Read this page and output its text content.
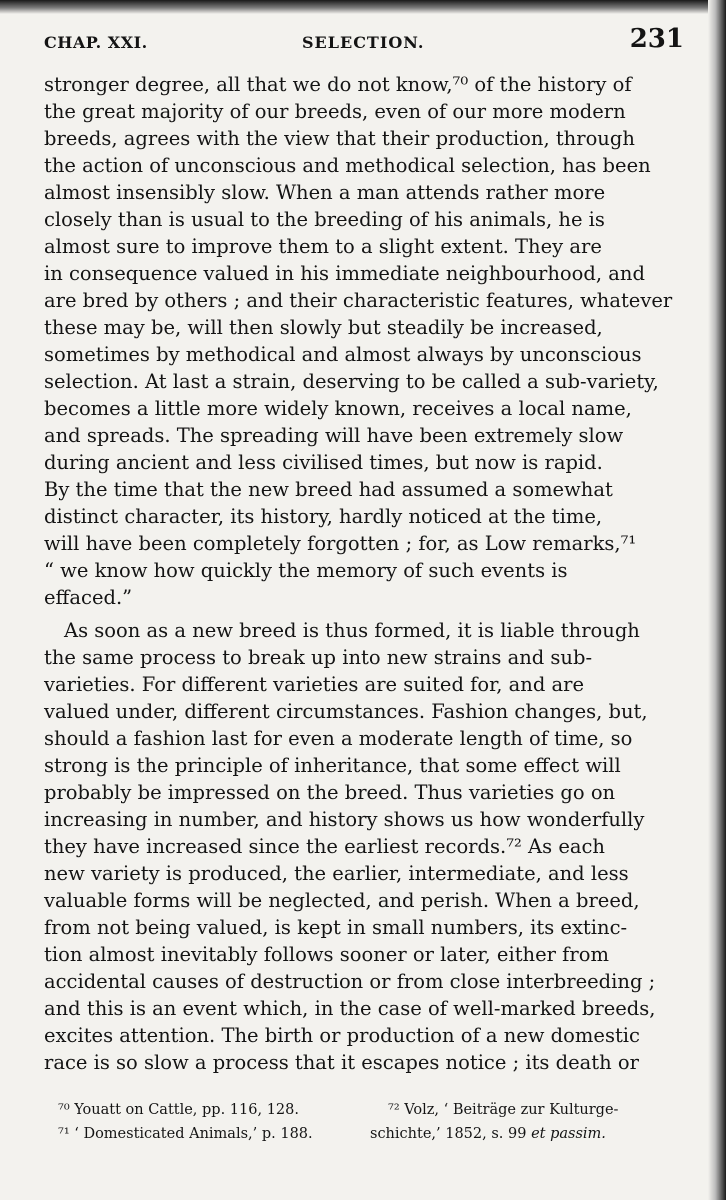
CHAP. XXI.	SELECTION.	231
stronger degree, all that we do not know,⁷⁰ of the history of
the great majority of our breeds, even of our more modern
breeds, agrees with the view that their production, through
the action of unconscious and methodical selection, has been
almost insensibly slow. When a man attends rather more
closely than is usual to the breeding of his animals, he is
almost sure to improve them to a slight extent. They are
in consequence valued in his immediate neighbourhood, and
are bred by others ; and their characteristic features, whatever
these may be, will then slowly but steadily be increased,
sometimes by methodical and almost always by unconscious
selection. At last a strain, deserving to be called a sub-variety,
becomes a little more widely known, receives a local name,
and spreads. The spreading will have been extremely slow
during ancient and less civilised times, but now is rapid.
By the time that the new breed had assumed a somewhat
distinct character, its history, hardly noticed at the time,
will have been completely forgotten ; for, as Low remarks,⁷¹
“ we know how quickly the memory of such events is
effaced.”
As soon as a new breed is thus formed, it is liable through
the same process to break up into new strains and sub-
varieties. For different varieties are suited for, and are
valued under, different circumstances. Fashion changes, but,
should a fashion last for even a moderate length of time, so
strong is the principle of inheritance, that some effect will
probably be impressed on the breed. Thus varieties go on
increasing in number, and history shows us how wonderfully
they have increased since the earliest records.⁷² As each
new variety is produced, the earlier, intermediate, and less
valuable forms will be neglected, and perish. When a breed,
from not being valued, is kept in small numbers, its extinc-
tion almost inevitably follows sooner or later, either from
accidental causes of destruction or from close interbreeding ;
and this is an event which, in the case of well-marked breeds,
excites attention. The birth or production of a new domestic
race is so slow a process that it escapes notice ; its death or
⁷⁰ Youatt on Cattle, pp. 116, 128.
⁷¹ ‘ Domesticated Animals,’ p. 188.
⁷² Volz, ‘ Beiträge zur Kulturge-
schichte,’ 1852, s. 99 et passim.
